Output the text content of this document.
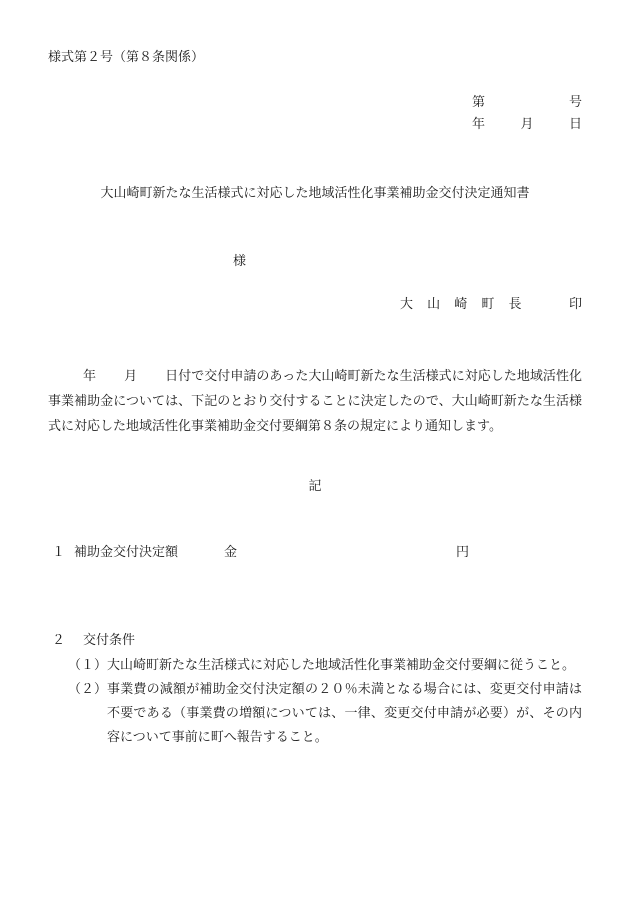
様式第２号（第８条関係）
第	号
年	月	日
大山崎町新たな生活様式に対応した地域活性化事業補助金交付決定通知書
様
大 山 崎 町 長	印
年 月 日付で交付申請のあった大山崎町新たな生活様式に対応した地域活性化事業補助金については、下記のとおり交付することに決定したので、大山崎町新たな生活様式に対応した地域活性化事業補助金交付要綱第８条の規定により通知します。
記
１ 補助金交付決定額	金	円
２ 交付条件
（１） 大山崎町新たな生活様式に対応した地域活性化事業補助金交付要綱に従うこと。
（２） 事業費の減額が補助金交付決定額の２０％未満となる場合には、変更交付申請は不要である（事業費の増額については、一律、変更交付申請が必要）が、その内容について事前に町へ報告すること。
